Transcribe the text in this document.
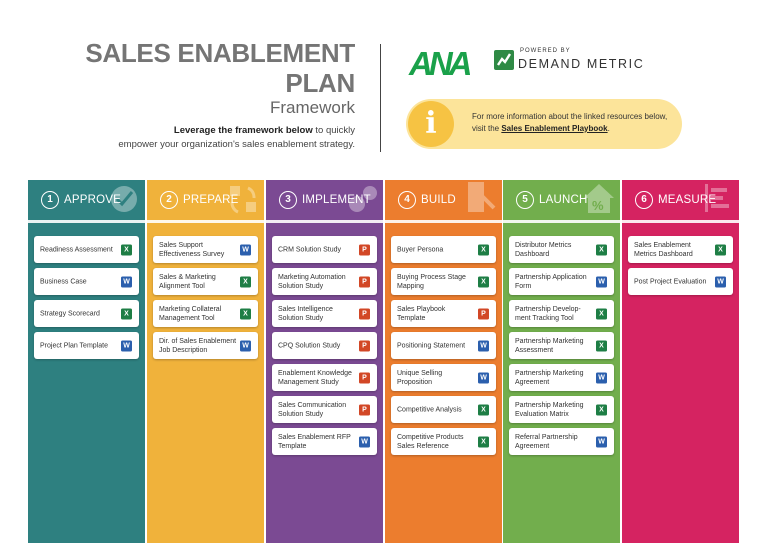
SALES ENABLEMENT PLAN
Framework
Leverage the framework below to quickly
empower your organization's sales enablement strategy.
ANA	POWERED BY
DEMAND METRIC
i	For more information about the linked resources below, visit the Sales Enablement Playbook.
1 APPROVE
Readiness Assessment	X
Business Case	W
Strategy Scorecard	X
Project Plan Template	W
2 PREPARE
Sales Support Effectiveness Survey
W
Sales & Marketing Alignment Tool
X
Marketing Collateral Management Tool
X
Dir. of Sales Enablement Job Description
W
3 IMPLEMENT
CRM Solution Study	P
Marketing Automation Solution Study
P
Sales Intelligence Solution Study
P
CPQ Solution Study	P
Enablement Knowledge Management Study
P
Sales Communication Solution Study
P
Sales Enablement RFP Template
W
4 BUILD
Buyer Persona	X
Buying Process Stage Mapping
X
Sales Playbook Template
P
Positioning Statement	W
Unique Selling Proposition
W
Competitive Analysis	X
Competitive Products Sales Reference
X
%
5 LAUNCH
Distributor Metrics Dashboard
X
Partnership Application Form
W
Partnership Develop-ment Tracking Tool
X
Partnership Marketing Assessment
X
Partnership Marketing Agreement
W
Partnership Marketing Evaluation Matrix
X
Referral Partnership Agreement
W
6 MEASURE
Sales Enablement Metrics Dashboard
X
Post Project Evaluation	W
